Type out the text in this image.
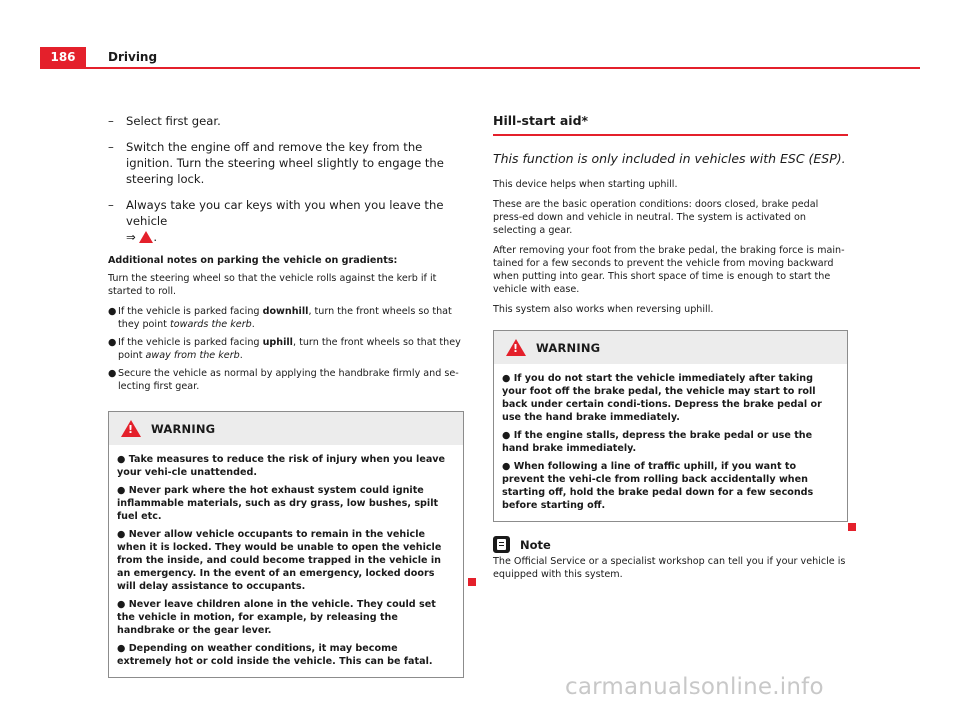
186	Driving
– Select first gear.
– Switch the engine off and remove the key from the ignition. Turn the steering wheel slightly to engage the steering lock.
– Always take you car keys with you when you leave the vehicle
⇒ .
Additional notes on parking the vehicle on gradients:

Turn the steering wheel so that the vehicle rolls against the kerb if it started to roll.

● If the vehicle is parked facing downhill, turn the front wheels so that they point towards the kerb.
● If the vehicle is parked facing uphill, turn the front wheels so that they point away from the kerb.
● Secure the vehicle as normal by applying the handbrake firmly and se-lecting first gear.
!
WARNING

● Take measures to reduce the risk of injury when you leave your vehi-cle unattended.

● Never park where the hot exhaust system could ignite inflammable materials, such as dry grass, low bushes, spilt fuel etc.

● Never allow vehicle occupants to remain in the vehicle when it is locked. They would be unable to open the vehicle from the inside, and could become trapped in the vehicle in an emergency. In the event of an emergency, locked doors will delay assistance to occupants.

● Never leave children alone in the vehicle. They could set the vehicle in motion, for example, by releasing the handbrake or the gear lever.

● Depending on weather conditions, it may become extremely hot or cold inside the vehicle. This can be fatal.

Hill-start aid*
This function is only included in vehicles with ESC (ESP).

This device helps when starting uphill.

These are the basic operation conditions: doors closed, brake pedal press-ed down and vehicle in neutral. The system is activated on selecting a gear.

After removing your foot from the brake pedal, the braking force is main-tained for a few seconds to prevent the vehicle from moving backward when putting into gear. This short space of time is enough to start the vehicle with ease.

This system also works when reversing uphill.

!
WARNING

● If you do not start the vehicle immediately after taking your foot off the brake pedal, the vehicle may start to roll back under certain condi-tions. Depress the brake pedal or use the hand brake immediately.

● If the engine stalls, depress the brake pedal or use the hand brake immediately.

● When following a line of traffic uphill, if you want to prevent the vehi-cle from rolling back accidentally when starting off, hold the brake pedal down for a few seconds before starting off.

Note

The Official Service or a specialist workshop can tell you if your vehicle is equipped with this system.

carmanualsonline.info
